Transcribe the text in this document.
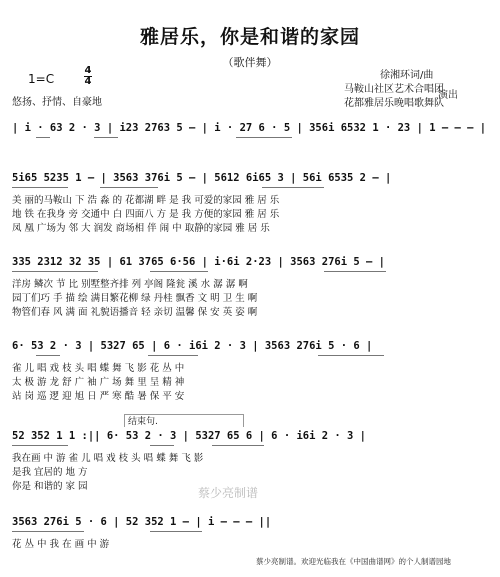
雅居乐，你是和谐的家园
（歌伴舞）
1=C
4
4
悠扬、抒情、自豪地
徐湘环词/曲
马鞍山社区艺术合唱团
花都雅居乐晚唱歌舞队
演出
| i · 63 2 · 3 | i23 2763 5 — | i · 27 6 · 5 | 356i 6532 1 · 23 | 1 — — — |
5i65 5235 1 — | 3563 376i 5 — | 5612 6i65 3 | 56i 6535 2 — |
美 丽的马鞍山 下 浩 淼 的 花都湖 畔 是 我 可爱的家园 雅 居 乐
地 铁 在我身 旁 交通中 白 四面八 方 是 我 方便的家园 雅 居 乐
凤 凰 广场为 邻 大 润发 商场相 伴 闹 中 取静的家园 雅 居 乐
335 2312 32 35 | 61 3765 6·56 | i·6i 2·23 | 3563 276i 5 — |
洋房 鳞次 节 比 别墅整齐排 列 亭阁 隆瓮 溪 水 潺 潺 啊
园丁们巧 手 描 绘 满目繁花柳 绿 丹桂 飘香 文 明 卫 生 啊
物管们春 风 满 面 礼貌语播音 轻 亲切 温馨 保 安 英 姿 啊
6· 53 2 · 3 | 5327 65 | 6 · i6i 2 · 3 | 3563 276i 5 · 6 |
雀 儿 唱 戏 枝 头 唱 蝶 舞 飞 影 花 丛 中
太 极 游 龙 舒 广 袖 广 场 舞 里 呈 精 神
站 岗 巡 逻 迎 旭 日 严 寒 酷 暑 保 平 安
结束句.
52 352 1 1 :|| 6· 53 2 · 3 | 5327 65 6 | 6 · i6i 2 · 3 |
我在画 中 游 雀 儿 唱 戏 枝 头 唱 蝶 舞 飞 影
是我 宜居的 地 方
你是 和谐的 家 园	蔡少亮制谱
3563 276i 5 · 6 | 52 352 1 — | i — — — ||
花 丛 中 我 在 画 中 游
蔡少亮制谱。欢迎光临我在《中国曲谱网》的个人制谱园地
